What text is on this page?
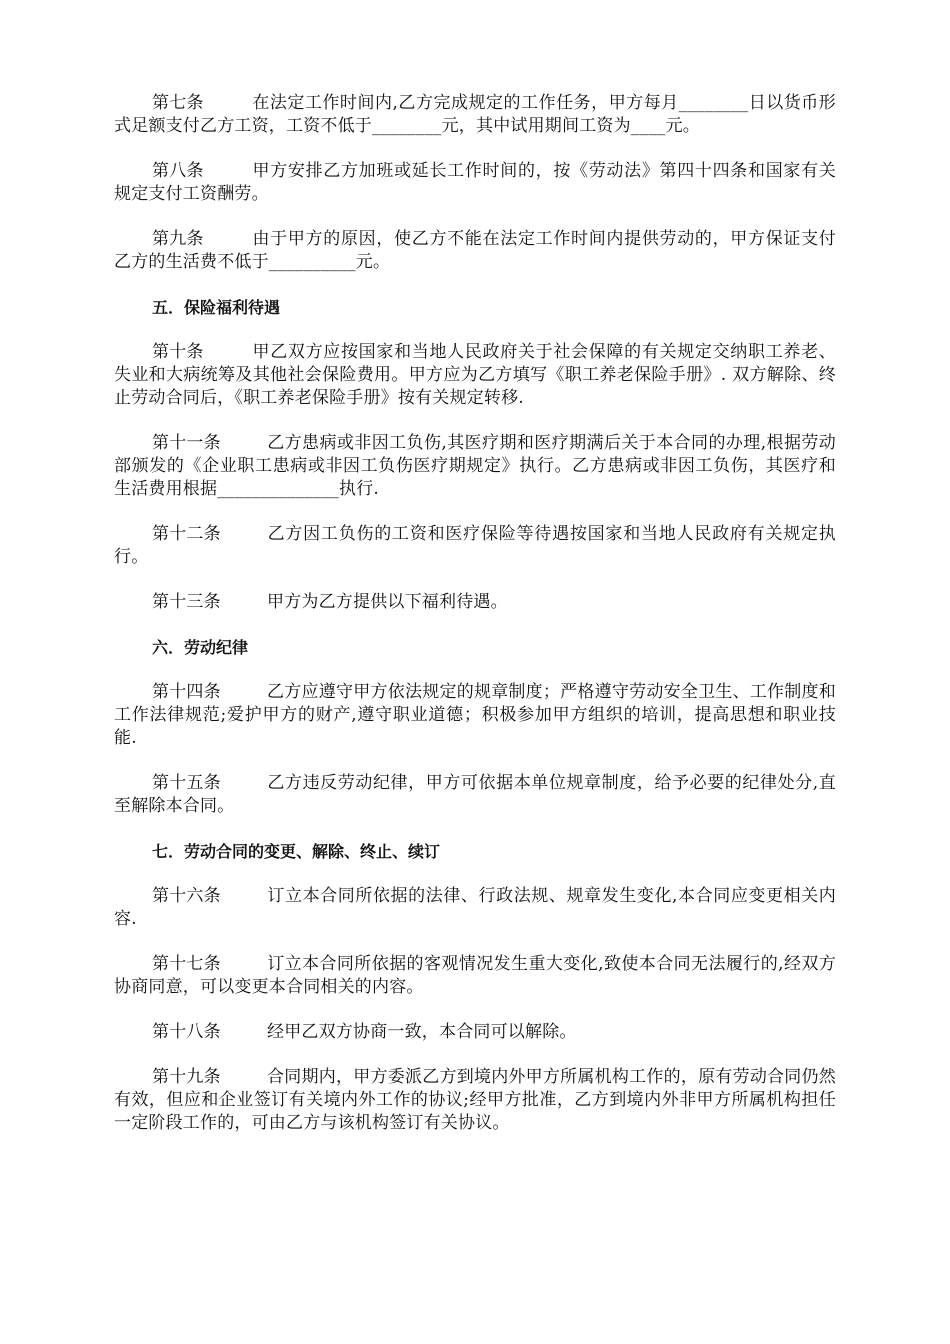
第七条	在法定工作时间内,乙方完成规定的工作任务，甲方每月________日以货币形式足额支付乙方工资，工资不低于________元，其中试用期间工资为____元。

第八条	甲方安排乙方加班或延长工作时间的，按《劳动法》第四十四条和国家有关规定支付工资酬劳。

第九条	由于甲方的原因，使乙方不能在法定工作时间内提供劳动的，甲方保证支付乙方的生活费不低于__________元。

五．保险福利待遇

第十条	甲乙双方应按国家和当地人民政府关于社会保障的有关规定交纳职工养老、失业和大病统筹及其他社会保险费用。甲方应为乙方填写《职工养老保险手册》. 双方解除、终止劳动合同后，《职工养老保险手册》按有关规定转移.

第十一条	乙方患病或非因工负伤,其医疗期和医疗期满后关于本合同的办理,根据劳动部颁发的《企业职工患病或非因工负伤医疗期规定》执行。乙方患病或非因工负伤，其医疗和生活费用根据______________执行.

第十二条	乙方因工负伤的工资和医疗保险等待遇按国家和当地人民政府有关规定执行。

第十三条	甲方为乙方提供以下福利待遇。

六．劳动纪律

第十四条	乙方应遵守甲方依法规定的规章制度；严格遵守劳动安全卫生、工作制度和工作法律规范;爱护甲方的财产,遵守职业道德；积极参加甲方组织的培训，提高思想和职业技能.

第十五条	乙方违反劳动纪律，甲方可依据本单位规章制度，给予必要的纪律处分,直至解除本合同。

七．劳动合同的变更、解除、终止、续订

第十六条	订立本合同所依据的法律、行政法规、规章发生变化,本合同应变更相关内容.

第十七条	订立本合同所依据的客观情况发生重大变化,致使本合同无法履行的,经双方协商同意，可以变更本合同相关的内容。

第十八条	经甲乙双方协商一致，本合同可以解除。

第十九条	合同期内，甲方委派乙方到境内外甲方所属机构工作的，原有劳动合同仍然有效，但应和企业签订有关境内外工作的协议;经甲方批准，乙方到境内外非甲方所属机构担任一定阶段工作的，可由乙方与该机构签订有关协议。
